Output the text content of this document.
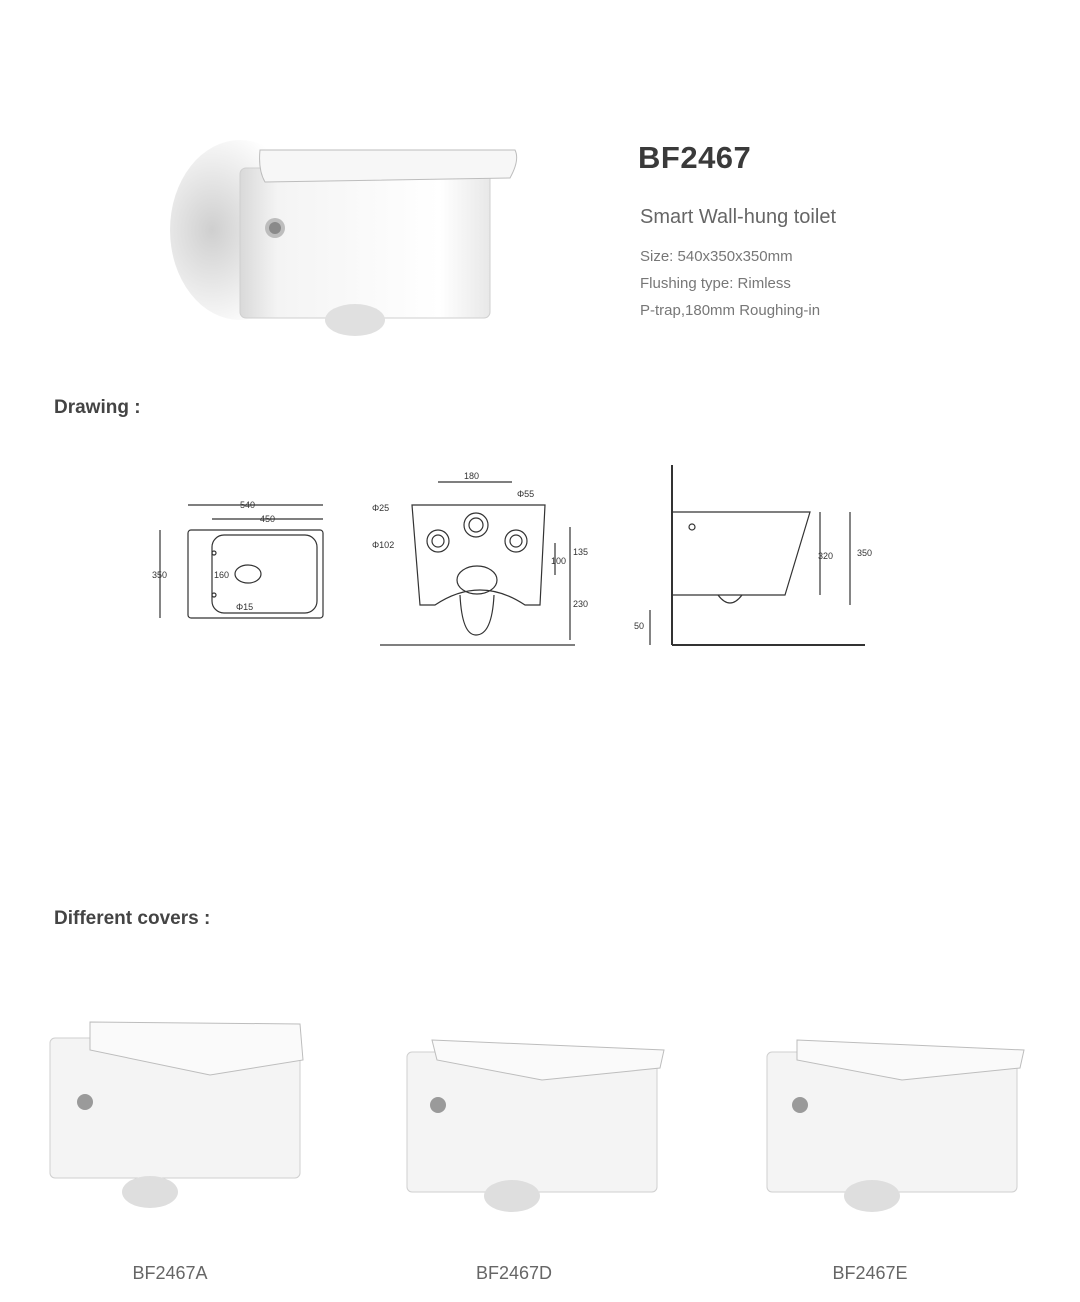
BF2467
Smart Wall-hung toilet
Size: 540x350x350mm
Flushing type: Rimless
P-trap,180mm Roughing-in
Drawing :
540
450
350	160
Φ15
180
Φ55
Φ25
Φ102
135
100
230
320	350
50
Different covers :
BF2467A	BF2467D	BF2467E
